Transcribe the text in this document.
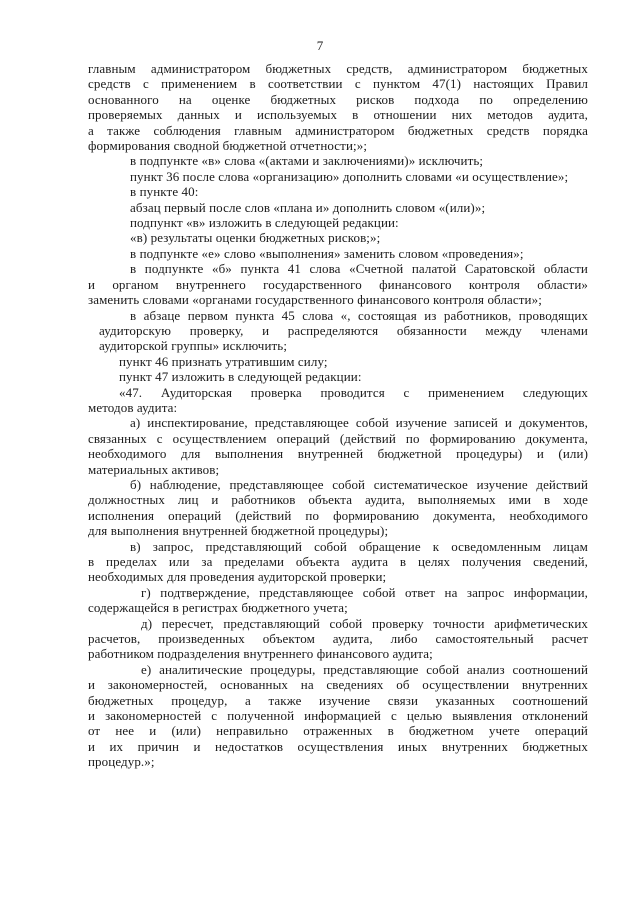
7

главным администратором бюджетных средств, администратором бюджетных

средств с применением в соответствии с пунктом 47(1) настоящих Правил

основанного на оценке бюджетных рисков подхода по определению

проверяемых данных и используемых в отношении них методов аудита,

а также соблюдения главным администратором бюджетных средств порядка

формирования сводной бюджетной отчетности;»;

в подпункте «в» слова «(актами и заключениями)» исключить;

пункт 36 после слова «организацию» дополнить словами «и осуществление»;

в пункте 40:

абзац первый после слов «плана и» дополнить словом «(или)»;

подпункт «в» изложить в следующей редакции:

«в) результаты оценки бюджетных рисков;»;

в подпункте «е» слово «выполнения» заменить словом «проведения»;

в подпункте «б» пункта 41 слова «Счетной палатой Саратовской области

и органом внутреннего государственного финансового контроля области»

заменить словами «органами государственного финансового контроля области»;

в абзаце первом пункта 45 слова «, состоящая из работников, проводящих

аудиторскую проверку, и распределяются обязанности между членами

аудиторской группы» исключить;

пункт 46 признать утратившим силу;

пункт 47 изложить в следующей редакции:

«47. Аудиторская проверка проводится с применением следующих

методов аудита:

а) инспектирование, представляющее собой изучение записей и документов,

связанных с осуществлением операций (действий по формированию документа,

необходимого для выполнения внутренней бюджетной процедуры) и (или)

материальных активов;

б) наблюдение, представляющее собой систематическое изучение действий

должностных лиц и работников объекта аудита, выполняемых ими в ходе

исполнения операций (действий по формированию документа, необходимого

для выполнения внутренней бюджетной процедуры);

в) запрос, представляющий собой обращение к осведомленным лицам

в пределах или за пределами объекта аудита в целях получения сведений,

необходимых для проведения аудиторской проверки;

г) подтверждение, представляющее собой ответ на запрос информации,

содержащейся в регистрах бюджетного учета;

д) пересчет, представляющий собой проверку точности арифметических

расчетов, произведенных объектом аудита, либо самостоятельный расчет

работником подразделения внутреннего финансового аудита;

е) аналитические процедуры, представляющие собой анализ соотношений

и закономерностей, основанных на сведениях об осуществлении внутренних

бюджетных процедур, а также изучение связи указанных соотношений

и закономерностей с полученной информацией с целью выявления отклонений

от нее и (или) неправильно отраженных в бюджетном учете операций

и их причин и недостатков осуществления иных внутренних бюджетных

процедур.»;
